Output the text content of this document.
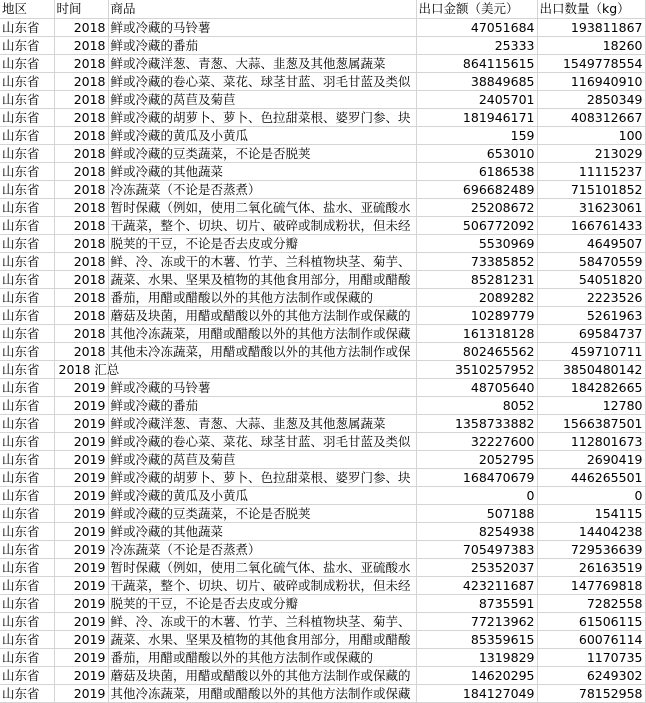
地区	时间	商品	出口金额（美元）	出口数量（kg）
山东省	2018	鲜或冷藏的马铃薯	47051684	193811867
山东省	2018	鲜或冷藏的番茄	25333	18260
山东省	2018	鲜或冷藏洋葱、青葱、大蒜、韭葱及其他葱属蔬菜	864115615	1549778554
山东省	2018	鲜或冷藏的卷心菜、菜花、球茎甘蓝、羽毛甘蓝及类似	38849685	116940910
山东省	2018	鲜或冷藏的莴苣及菊苣	2405701	2850349
山东省	2018	鲜或冷藏的胡萝卜、萝卜、色拉甜菜根、婆罗门参、块	181946171	408312667
山东省	2018	鲜或冷藏的黄瓜及小黄瓜	159	100
山东省	2018	鲜或冷藏的豆类蔬菜，不论是否脱荚	653010	213029
山东省	2018	鲜或冷藏的其他蔬菜	6186538	11115237
山东省	2018	冷冻蔬菜（不论是否蒸煮）	696682489	715101852
山东省	2018	暂时保藏（例如，使用二氧化硫气体、盐水、亚硫酸水	25208672	31623061
山东省	2018	干蔬菜，整个、切块、切片、破碎或制成粉状，但未经	506772092	166761433
山东省	2018	脱荚的干豆，不论是否去皮或分瓣	5530969	4649507
山东省	2018	鲜、冷、冻或干的木薯、竹芋、兰科植物块茎、菊芋、	73385852	58470559
山东省	2018	蔬菜、水果、坚果及植物的其他食用部分，用醋或醋酸	85281231	54051820
山东省	2018	番茄，用醋或醋酸以外的其他方法制作或保藏的	2089282	2223526
山东省	2018	蘑菇及块菌，用醋或醋酸以外的其他方法制作或保藏的	10289779	5261963
山东省	2018	其他冷冻蔬菜，用醋或醋酸以外的其他方法制作或保藏	161318128	69584737
山东省	2018	其他未冷冻蔬菜，用醋或醋酸以外的其他方法制作或保	802465562	459710711
山东省	2018 汇总		3510257952	3850480142
山东省	2019	鲜或冷藏的马铃薯	48705640	184282665
山东省	2019	鲜或冷藏的番茄	8052	12780
山东省	2019	鲜或冷藏洋葱、青葱、大蒜、韭葱及其他葱属蔬菜	1358733882	1566387501
山东省	2019	鲜或冷藏的卷心菜、菜花、球茎甘蓝、羽毛甘蓝及类似	32227600	112801673
山东省	2019	鲜或冷藏的莴苣及菊苣	2052795	2690419
山东省	2019	鲜或冷藏的胡萝卜、萝卜、色拉甜菜根、婆罗门参、块	168470679	446265501
山东省	2019	鲜或冷藏的黄瓜及小黄瓜	0	0
山东省	2019	鲜或冷藏的豆类蔬菜，不论是否脱荚	507188	154115
山东省	2019	鲜或冷藏的其他蔬菜	8254938	14404238
山东省	2019	冷冻蔬菜（不论是否蒸煮）	705497383	729536639
山东省	2019	暂时保藏（例如，使用二氧化硫气体、盐水、亚硫酸水	25352037	26163519
山东省	2019	干蔬菜，整个、切块、切片、破碎或制成粉状，但未经	423211687	147769818
山东省	2019	脱荚的干豆，不论是否去皮或分瓣	8735591	7282558
山东省	2019	鲜、冷、冻或干的木薯、竹芋、兰科植物块茎、菊芋、	77213962	61506115
山东省	2019	蔬菜、水果、坚果及植物的其他食用部分，用醋或醋酸	85359615	60076114
山东省	2019	番茄，用醋或醋酸以外的其他方法制作或保藏的	1319829	1170735
山东省	2019	蘑菇及块菌，用醋或醋酸以外的其他方法制作或保藏的	14620295	6249302
山东省	2019	其他冷冻蔬菜，用醋或醋酸以外的其他方法制作或保藏	184127049	78152958
